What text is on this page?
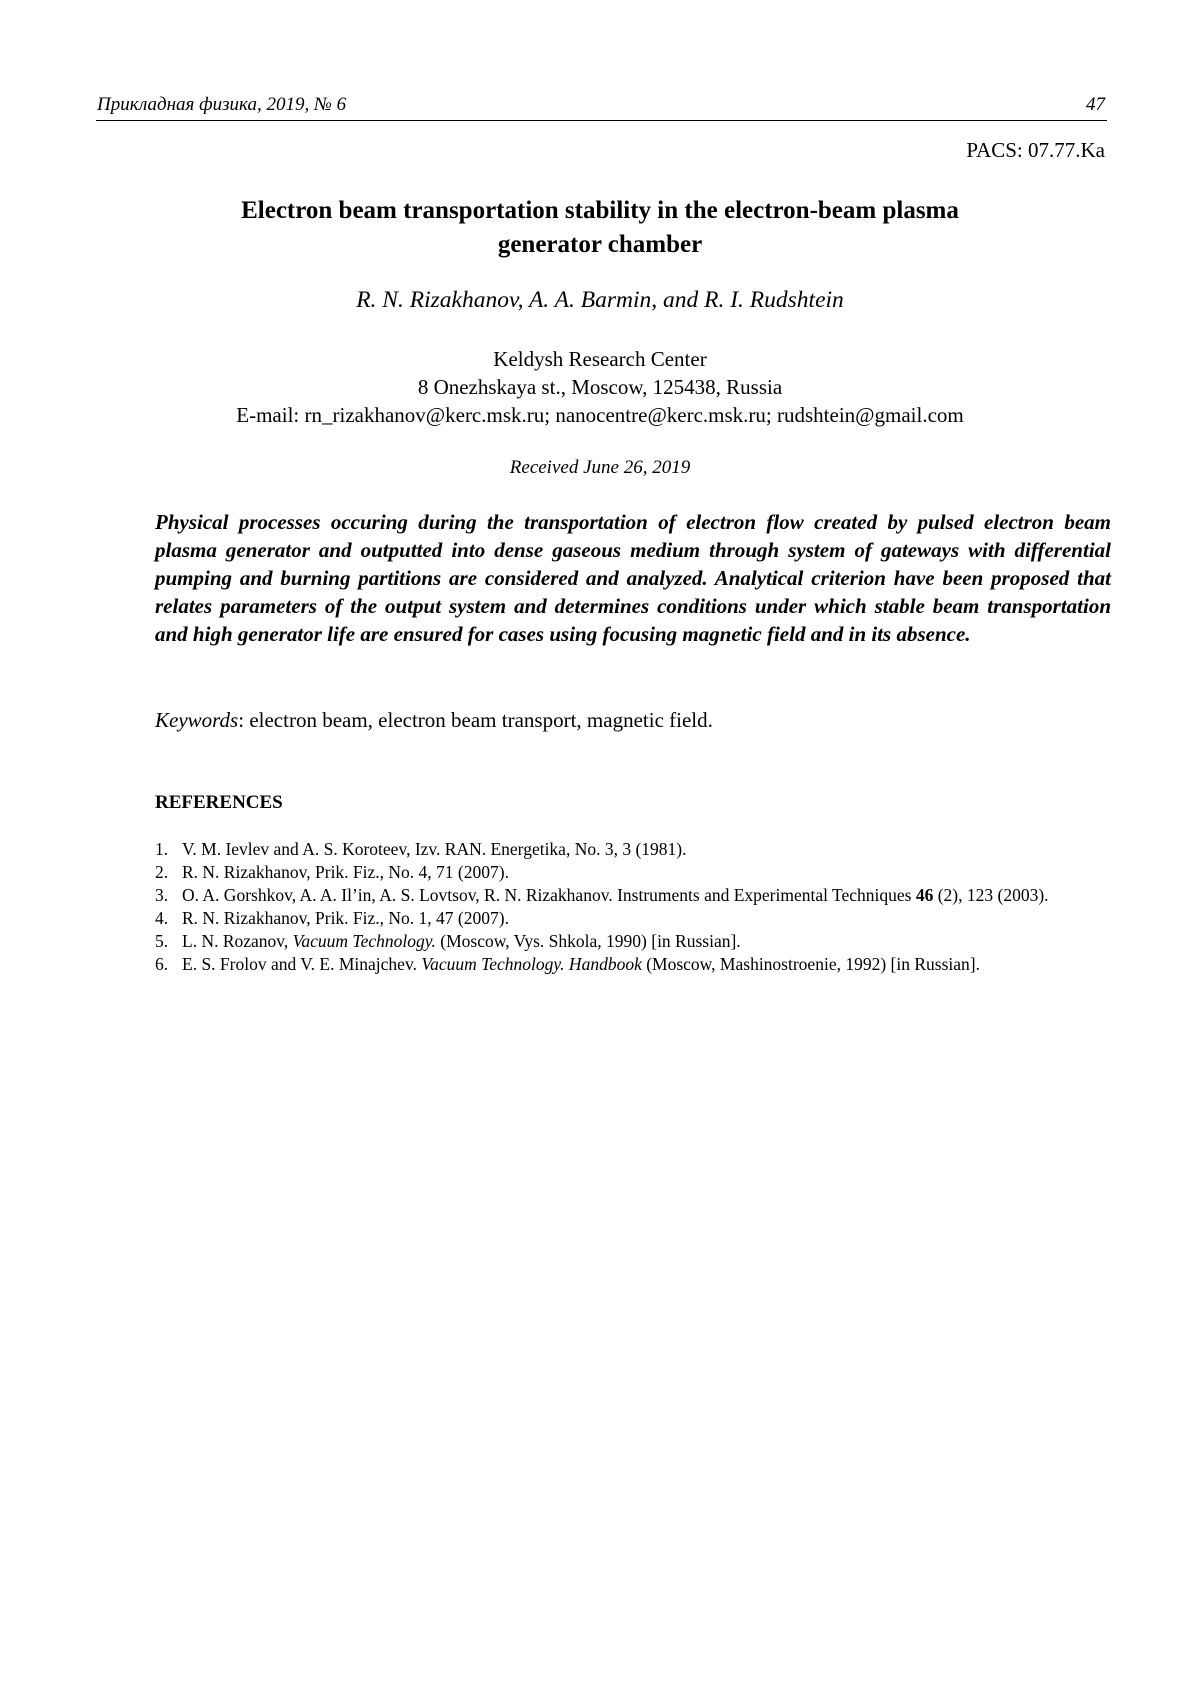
Прикладная физика, 2019, № 6	47
PACS: 07.77.Ka
Electron beam transportation stability in the electron-beam plasma
generator chamber
R. N. Rizakhanov, A. A. Barmin, and R. I. Rudshtein
Keldysh Research Center
8 Onezhskaya st., Moscow, 125438, Russia
E-mail: rn_rizakhanov@kerc.msk.ru; nanocentre@kerc.msk.ru; rudshtein@gmail.com
Received June 26, 2019
Physical processes occuring during the transportation of electron flow created by pulsed electron beam plasma generator and outputted into dense gaseous medium through system of gateways with differential pumping and burning partitions are considered and analyzed. Analytical criterion have been proposed that relates parameters of the output system and determines conditions under which stable beam transportation and high generator life are ensured for cases using focusing magnetic field and in its absence.
Keywords: electron beam, electron beam transport, magnetic field.
REFERENCES

1. V. M. Ievlev and A. S. Koroteev, Izv. RAN. Energetika, No. 3, 3 (1981).

2. R. N. Rizakhanov, Prik. Fiz., No. 4, 71 (2007).

3. O. A. Gorshkov, A. A. Il’in, A. S. Lovtsov, R. N. Rizakhanov. Instruments and Experimental Techniques 46 (2), 123 (2003).

4. R. N. Rizakhanov, Prik. Fiz., No. 1, 47 (2007).

5. L. N. Rozanov, Vacuum Technology. (Moscow, Vys. Shkola, 1990) [in Russian].

6. E. S. Frolov and V. E. Minajchev. Vacuum Technology. Handbook (Moscow, Mashinostroenie, 1992) [in Russian].
